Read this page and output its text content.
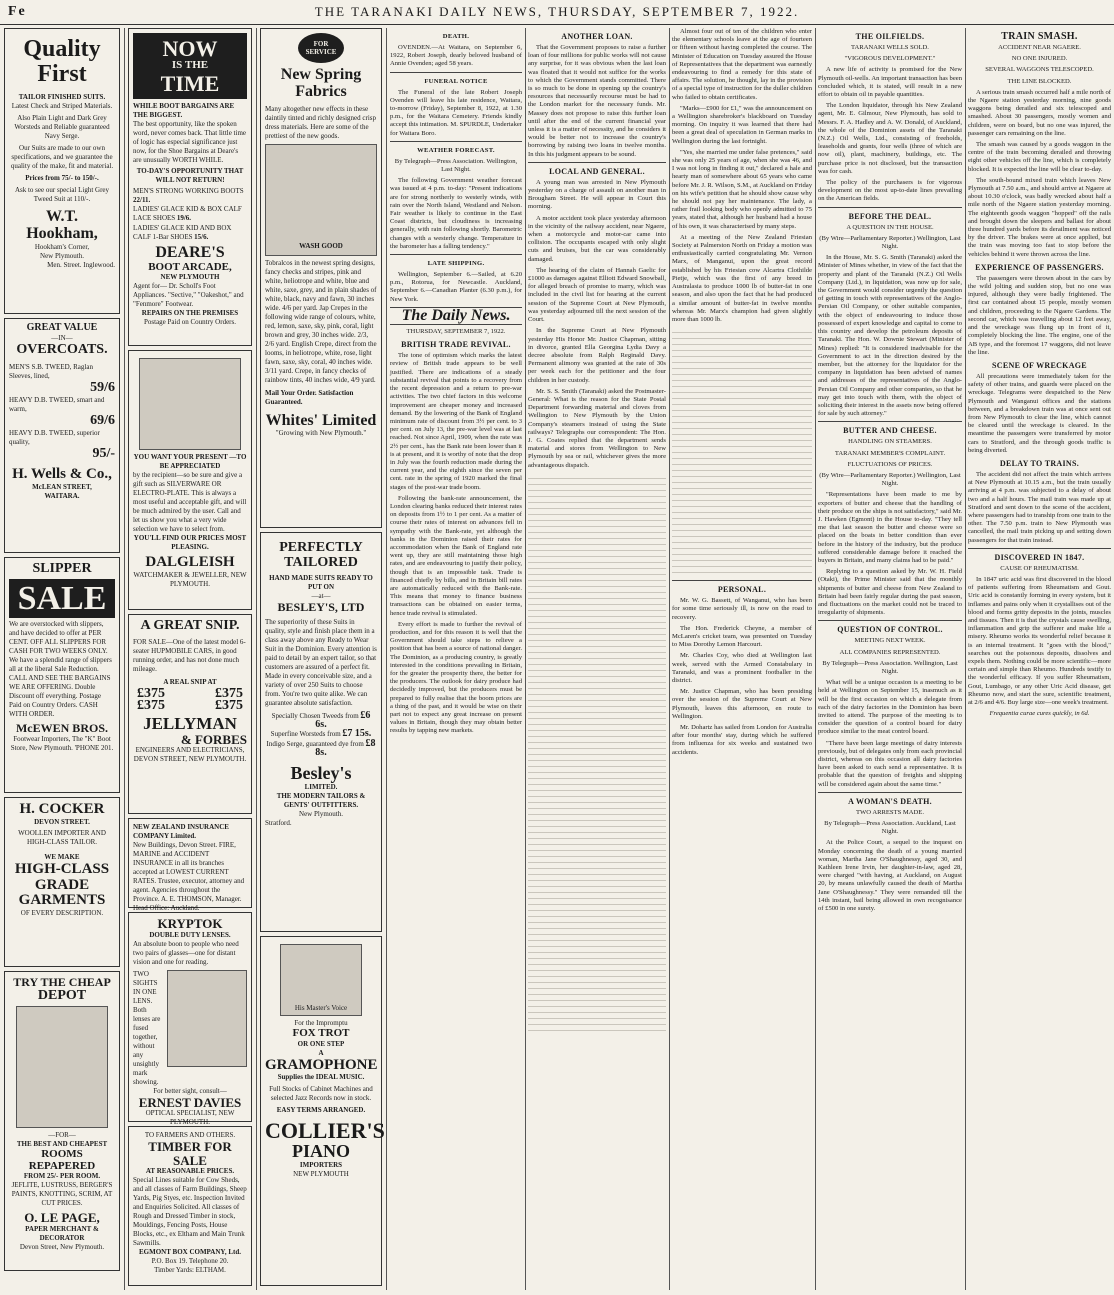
Fe	THE TARANAKI DAILY NEWS, THURSDAY, SEPTEMBER 7, 1922.
Quality
First
TAILOR FINISHED SUITS.
Latest Check and Striped Materials.
Also Plain Light and Dark Grey Worsteds and Reliable guaranteed Navy Serge.
Our Suits are made to our own specifications, and we guarantee the quality of the make, fit and material.
Prices from 75/- to 150/-.
Ask to see our special Light Grey Tweed Suit at 110/-.
W.T. Hookham,
Hookham's Corner,
New Plymouth.
Men. Street. Inglewood.
GREAT VALUE
—IN—
OVERCOATS.
MEN'S S.B. TWEED, Raglan Sleeves, lined,
59/6
HEAVY D.B. TWEED, smart and warm,
69/6
HEAVY D.B. TWEED, superior quality,
95/-
H. Wells & Co.,
McLEAN STREET,
WAITARA.
SLIPPER
SALE
We are overstocked with slippers, and have decided to offer at PER CENT. OFF ALL SLIPPERS FOR CASH FOR TWO WEEKS ONLY. We have a splendid range of slippers all at the liberal Sale Reduction. CALL AND SEE THE BARGAINS WE ARE OFFERING. Double Discount off everything. Postage Paid on Country Orders. CASH WITH ORDER.
McEWEN BROS.
Footwear Importers, The "K" Boot Store, New Plymouth. 'PHONE 201.
H. COCKER
DEVON STREET.
WOOLLEN IMPORTER AND HIGH-CLASS TAILOR.
WE MAKE
HIGH-CLASS
GRADE
GARMENTS
OF EVERY DESCRIPTION.
TRY THE CHEAP
DEPOT
—FOR—
THE BEST AND CHEAPEST
ROOMS REPAPERED
FROM 25/- PER ROOM.
JEFLITE, LUSTRUSS, BERGER'S PAINTS, KNOTTING, SCRIM, AT CUT PRICES.
O. LE PAGE,
PAPER MERCHANT & DECORATOR
Devon Street, New Plymouth.
NOW
IS THE
TIME
WHILE BOOT BARGAINS ARE THE BIGGEST.
The best opportunity, like the spoken word, never comes back. That little time of logic has especial significance just now, for the Shoe Bargains at Deare's are unusually WORTH WHILE.
TO-DAY'S OPPORTUNITY THAT WILL NOT RETURN!
MEN'S STRONG WORKING BOOTS 22/11.
LADIES' GLACE KID & BOX CALF LACE SHOES 19/6.
LADIES' GLACE KID AND BOX CALF 1-Bar SHOES 15/6.
DEARE'S
BOOT ARCADE,
NEW PLYMOUTH
Agent for— Dr. Scholl's Foot Appliances. "Sective," "Oakeshot," and "Fenmore" Footwear.
REPAIRS ON THE PREMISES
Postage Paid on Country Orders.
YOU WANT YOUR PRESENT —TO BE APPRECIATED
by the recipient—so be sure and give a gift such as SILVERWARE OR ELECTRO-PLATE. This is always a most useful and acceptable gift, and will be much admired by the user. Call and let us show you what a very wide selection we have to select from.
YOU'LL FIND OUR PRICES MOST PLEASING.
DALGLEISH
WATCHMAKER & JEWELLER, NEW PLYMOUTH.
A GREAT SNIP.
FOR SALE—One of the latest model 6-seater HUPMOBILE CARS, in good running order, and has not done much mileage.
A REAL SNIP AT
£375	£375
£375	£375
JELLYMAN
& FORBES
ENGINEERS AND ELECTRICIANS, DEVON STREET, NEW PLYMOUTH.
NEW ZEALAND INSURANCE COMPANY Limited.
New Buildings, Devon Street. FIRE, MARINE and ACCIDENT INSURANCE in all its branches accepted at LOWEST CURRENT RATES. Trustee, executor, attorney and agent. Agencies throughout the Province. A. E. THOMSON, Manager. Head Office: Auckland.
KRYPTOK
DOUBLE DUTY LENSES.
An absolute boon to people who need two pairs of glasses—one for distant vision and one for reading.
TWO SIGHTS IN ONE LENS. Both lenses are fused together, without any unsightly mark showing.
For better sight, consult—
ERNEST DAVIES
OPTICAL SPECIALIST, NEW PLYMOUTH.
TO FARMERS AND OTHERS.
TIMBER FOR SALE
AT REASONABLE PRICES.
Special Lines suitable for Cow Sheds, and all classes of Farm Buildings, Sheep Yards, Pig Styes, etc. Inspection Invited and Enquiries Solicited. All classes of Rough and Dressed Timber in stock, Mouldings, Fencing Posts, House Blocks, etc., ex Eltham and Main Trunk Sawmills.
EGMONT BOX COMPANY, Ltd.
P.O. Box 19. Telephone 20.
Timber Yards: ELTHAM.
FOR SERVICE
New Spring Fabrics
Many altogether new effects in these daintily tinted and richly designed crisp dress materials. Here are some of the prettiest of the new goods.
WASH GOOD
Tobralcos in the newest spring designs, fancy checks and stripes, pink and white, heliotrope and white, blue and white, saxe, grey, and in plain shades of white, black, navy and fawn, 30 inches wide. 4/6 per yard. Jap Crepes in the following wide range of colours, white, red, lemon, saxe, sky, pink, coral, light brown and grey, 30 inches wide. 2/3, 2/6 yard. English Crepe, direct from the looms, in heliotrope, white, rose, light fawn, saxe, sky, coral, 40 inches wide. 3/11 yard. Crepe, in fancy checks of rainbow tints, 40 inches wide, 4/9 yard.
Mail Your Order. Satisfaction Guaranteed.
Whites' Limited
"Growing with New Plymouth."
PERFECTLY
TAILORED
HAND MADE SUITS READY TO PUT ON
—at—
BESLEY'S, LTD
The superiority of these Suits in quality, style and finish place them in a class away above any Ready to Wear Suit in the Dominion. Every attention is paid to detail by an expert tailor, so that customers are assured of a perfect fit. Made in every conceivable size, and a variety of over 250 Suits to choose from. You're two quite alike. We can guarantee absolute satisfaction.
Specially Chosen Tweeds from £6 6s.
Superfine Worsteds from £7 15s.
Indigo Serge, guaranteed dye from £8 8s.
Besley's
LIMITED.
THE MODERN TAILORS & GENTS' OUTFITTERS.
New Plymouth.
Stratford.
His Master's Voice
For the Impromptu
FOX TROT
OR ONE STEP
A
GRAMOPHONE
Supplies the IDEAL MUSIC.
Full Stocks of Cabinet Machines and selected Jazz Records now in stock.
EASY TERMS ARRANGED.
COLLIER'S
PIANO
IMPORTERS
NEW PLYMOUTH
DEATH.

OVENDEN.—At Waitara, on September 6, 1922, Robert Joseph, dearly beloved husband of Annie Ovenden; aged 58 years.

FUNERAL NOTICE

The Funeral of the late Robert Joseph Ovenden will leave his late residence, Waitara, to-morrow (Friday), September 8, 1922, at 1.30 p.m., for the Waitara Cemetery. Friends kindly accept this intimation. M. SPURDLE, Undertaker for Waitara Boro.

WEATHER FORECAST.
By Telegraph—Press Association. Wellington, Last Night.

The following Government weather forecast was issued at 4 p.m. to-day: "Present indications are for strong northerly to westerly winds, with rain over the North Island, Westland and Nelson. Fair weather is likely to continue in the East Coast districts, but cloudiness is increasing generally, with rain following shortly. Barometric changes with a westerly change. Temperature in the barometer has a falling tendency."

LATE SHIPPING.

Wellington, September 6.—Sailed, at 6.20 p.m., Rotorua, for Newcastle. Auckland, September 6.—Canadian Planter (6.30 p.m.), for New York.

The Daily News.
THURSDAY, SEPTEMBER 7, 1922.
BRITISH TRADE REVIVAL.

The tone of optimism which marks the latest review of British trade appears to be well justified. There are indications of a steady substantial revival that points to a recovery from the recent depression and a return to pre-war activities. The two chief factors in this welcome improvement are cheaper money and increased demand. By the lowering of the Bank of England minimum rate of discount from 3½ per cent. to 3 per cent. on July 13, the pre-war level was at last reached. Not since April, 1909, when the rate was 2½ per cent., has the Bank rate been lower than it is at present, and it is worthy of note that the drop in July was the fourth reduction made during the current year, and the eighth since the seven per cent. rate in the spring of 1920 marked the final stages of the post-war trade boom.

Following the bank-rate announcement, the London clearing banks reduced their interest rates on deposits from 1½ to 1 per cent. As a matter of course their rates of interest on advances fell in sympathy with the Bank-rate, yet although the banks in the Dominion raised their rates for accommodation when the Bank of England rate went up, they are still maintaining those high rates, and are endeavouring to justify their policy, though that is an impossible task. Trade is financed chiefly by bills, and in Britain bill rates are automatically reduced with the Bank-rate. This means that money to finance business transactions can be obtained on easier terms, hence trade revival is stimulated.

Every effort is made to further the revival of production, and for this reason it is well that the Government should take steps to relieve a position that has been a source of national danger. The Dominion, as a producing country, is greatly interested in the conditions prevailing in Britain, for the greater the prosperity there, the better for the producers. The outlook for dairy produce had decidedly improved, but the producers must be prepared to fully realise that the boom prices are a thing of the past, and it would be wise on their part not to expect any great increase on present values in Britain, though they may obtain better results by tapping new markets.

ANOTHER LOAN.

That the Government proposes to raise a further loan of four millions for public works will not cause any surprise, for it was obvious when the last loan was floated that it would not suffice for the works to which the Government stands committed. There is so much to be done in opening up the country's resources that necessarily recourse must be had to the London market for the necessary funds. Mr. Massey does not propose to raise this further loan until after the end of the current financial year unless it is a matter of necessity, and he considers it would be better not to increase the country's borrowing by raising two loans in twelve months. In this his judgment appears to be sound.

LOCAL AND GENERAL.

A young man was arrested in New Plymouth yesterday on a charge of assault on another man in Brougham Street. He will appear in Court this morning.

A motor accident took place yesterday afternoon in the vicinity of the railway accident, near Ngaere, when a motorcycle and motor-car came into collision. The occupants escaped with only slight cuts and bruises, but the car was considerably damaged.

The hearing of the claim of Hannah Gaelic for £1000 as damages against Elliott Edward Snowball, for alleged breach of promise to marry, which was included in the civil list for hearing at the current session of the Supreme Court at New Plymouth, was yesterday adjourned till the next session of the Court.

In the Supreme Court at New Plymouth yesterday His Honor Mr. Justice Chapman, sitting in divorce, granted Ella Georgina Lydia Davy a decree absolute from Ralph Reginald Davy. Permanent alimony was granted at the rate of 30s per week each for the petitioner and the four children in her custody.

Mr. S. S. Smith (Taranaki) asked the Postmaster-General: What is the reason for the State Postal Department forwarding material and cloves from Wellington to New Plymouth by the Union Company's steamers instead of using the State railways? Telegraphs our correspondent: The Hon. J. G. Coates replied that the department sends material and stores from Wellington to New Plymouth by sea or rail, whichever gives the more advantageous dispatch.

Almost four out of ten of the children who enter the elementary schools leave at the age of fourteen or fifteen without having completed the course. The Minister of Education on Tuesday assured the House of Representatives that the department was earnestly endeavouring to find a remedy for this state of affairs. The solution, he thought, lay in the provision of a special type of instruction for the duller children who failed to obtain certificates.

"Marks—£900 for £1," was the announcement on a Wellington sharebroker's blackboard on Tuesday morning. On inquiry it was learned that there had been a great deal of speculation in German marks in Wellington during the last fortnight.

"Yes, she married me under false pretences," said she was only 25 years of age, when she was 46, and I was not long in finding it out," declared a hale and hearty man of somewhere about 65 years who came before Mr. J. R. Wilson, S.M., at Auckland on Friday on his wife's petition that he should show cause why he should not pay her maintenance. The lady, a rather frail looking body who openly admitted to 75 years, stated that, although her husband had a house of his own, it was characterised by many steps.

At a meeting of the New Zealand Friesian Society at Palmerston North on Friday a motion was enthusiastically carried congratulating Mr. Vernon Marx, of Manganui, upon the great record established by his Friesian cow Alcartra Clothilde Pietje, which was the first of any breed in Australasia to produce 1000 lb of butter-fat in one season, and also upon the fact that he had produced a similar amount of butter-fat in twelve months whereas Mr. Marx's champion had given slightly more than 1000 lb.

PERSONAL.

Mr. W. G. Bassett, of Wanganui, who has been for some time seriously ill, is now on the road to recovery.

The Hon. Frederick Cheyne, a member of McLaren's cricket team, was presented on Tuesday to Miss Dorothy Lemon Harcourt.

Mr. Charles Coy, who died at Wellington last week, served with the Armed Constabulary in Taranaki, and was a prominent footballer in the district.

Mr. Justice Chapman, who has been presiding over the session of the Supreme Court at New Plymouth, leaves this afternoon, en route to Wellington.

Mr. Dohartz has sailed from London for Australia after four months' stay, during which he suffered from influenza for six weeks and sustained two accidents.

THE OILFIELDS.
TARANAKI WELLS SOLD.
"VIGOROUS DEVELOPMENT."

A new life of activity is promised for the New Plymouth oil-wells. An important transaction has been concluded which, it is stated, will result in a new effort to obtain oil in payable quantities.

The London liquidator, through his New Zealand agent, Mr. E. Gilmour, New Plymouth, has sold to Messrs. F. A. Hadley and A. W. Donald, of Auckland, the whole of the Dominion assets of the Taranaki (N.Z.) Oil Wells, Ltd., consisting of freeholds, leaseholds and grants, four wells (three of which are now oil), plant, machinery, buildings, etc. The purchase price is not disclosed, but the transaction was for cash.

The policy of the purchasers is for vigorous development on the most up-to-date lines prevailing on the American fields.

BEFORE THE DEAL.
A QUESTION IN THE HOUSE.
(By Wire—Parliamentary Reporter.) Wellington, Last Night.

In the House, Mr. S. G. Smith (Taranaki) asked the Minister of Mines whether, in view of the fact that the property and plant of the Taranaki (N.Z.) Oil Wells Company (Ltd.), in liquidation, was now up for sale, the Government would consider urgently the question of getting in touch with representatives of the Anglo-Persian Oil Company, or other suitable companies, with the object of endeavouring to induce those possessed of expert knowledge and capital to come to this country and develop the petroleum deposits of Taranaki. The Hon. W. Downie Stewart (Minister of Mines) replied: "It is considered inadvisable for the Government to act in the direction desired by the member, but the attorney for the liquidator for the company in liquidation has been advised of names and addresses of the representatives of the Anglo-Persian Oil Company and other companies, so that he may get into touch with them, with the object of soliciting their interest in the assets now being offered for sale by such attorney."

BUTTER AND CHEESE.
HANDLING ON STEAMERS.
TARANAKI MEMBER'S COMPLAINT.
FLUCTUATIONS OF PRICES.
(By Wire—Parliamentary Reporter.) Wellington, Last Night.

"Representations have been made to me by exporters of butter and cheese that the handling of their produce on the ships is not satisfactory," said Mr. J. Hawken (Egmont) in the House to-day. "They tell me that last season the butter and cheese were so placed on the boats in better condition than ever before in the history of the industry, but the produce suffered considerable damage before it reached the buyers in Britain, and many claims had to be paid."

Replying to a question asked by Mr. W. H. Field (Otaki), the Prime Minister said that the monthly shipments of butter and cheese from New Zealand to Britain had been fairly regular during the past season, and fluctuations on the market could not be traced to irregularity of shipments.

QUESTION OF CONTROL.
MEETING NEXT WEEK.
ALL COMPANIES REPRESENTED.
By Telegraph—Press Association. Wellington, Last Night.

What will be a unique occasion is a meeting to be held at Wellington on September 15, inasmuch as it will be the first occasion on which a delegate from each of the dairy factories in the Dominion has been invited to attend. The purpose of the meeting is to consider the question of a control board for dairy produce similar to the meat control board.

"There have been large meetings of dairy interests previously, but of delegates only from each provincial district, whereas on this occasion all dairy factories have been asked to each send a representative. It is probable that the question of freights and shipping will be considered again about the same time."

A WOMAN'S DEATH.
TWO ARRESTS MADE.
By Telegraph—Press Association. Auckland, Last Night.

At the Police Court, a sequel to the inquest on Monday concerning the death of a young married woman, Martha Jane O'Shaughnessy, aged 30, and Kathleen Irene Irvin, her daughter-in-law, aged 28, were charged "with having, at Auckland, on August 20, by means unlawfully caused the death of Martha Jane O'Shaughnessy." They were remanded till the 14th instant, bail being allowed in own recognisance of £500 in one surety.

TRAIN SMASH.
ACCIDENT NEAR NGAERE.
NO ONE INJURED.
SEVERAL WAGGONS TELESCOPED.
THE LINE BLOCKED.

A serious train smash occurred half a mile north of the Ngaere station yesterday morning, nine goods waggons being derailed and six telescoped and smashed. About 30 passengers, mostly women and children, were on board, but no one was injured, the passenger cars remaining on the line.

The smash was caused by a goods waggon in the centre of the train becoming derailed and throwing eight other vehicles off the line, which is completely blocked. It is expected the line will be clear to-day.

The south-bound mixed train which leaves New Plymouth at 7.50 a.m., and should arrive at Ngaere at about 10.30 o'clock, was badly wrecked about half a mile north of the Ngaere station yesterday morning. The eighteenth goods waggon "hopped" off the rails and brought down the sleepers and ballast for about three hundred yards before its derailment was noticed by the driver. The brakes were at once applied, but the train was moving too fast to stop before the vehicles behind it were thrown across the line.

EXPERIENCE OF PASSENGERS.

The passengers were thrown about in the cars by the wild jolting and sudden stop, but no one was injured, although they were badly frightened. The first car contained about 15 people, mostly women and children, proceeding to the Ngaere Gardens. The second car, which was travelling about 12 feet away, and the wreckage was flung up in front of it, completely blocking the line. The engine, one of the AB type, and the foremost 17 waggons, did not leave the line.

SCENE OF WRECKAGE

All precautions were immediately taken for the safety of other trains, and guards were placed on the wreckage. Telegrams were despatched to the New Plymouth and Wanganui offices and the stations between, and a breakdown train was at once sent out from New Plymouth to clear the line, which cannot be cleared until the wreckage is cleared. In the meantime the passengers were transferred by motor cars to Stratford, and the through goods traffic is being diverted.

DELAY TO TRAINS.

The accident did not affect the train which arrives at New Plymouth at 10.15 a.m., but the train usually arriving at 4 p.m. was subjected to a delay of about two and a half hours. The mail train was made up at Stratford and sent down to the scene of the accident, where passengers had to tranship from one train to the other. The 7.50 p.m. train to New Plymouth was cancelled, the mail train picking up and setting down passengers for that train instead.

DISCOVERED IN 1847.
CAUSE OF RHEUMATISM.

In 1847 uric acid was first discovered in the blood of patients suffering from Rheumatism and Gout. Uric acid is constantly forming in every system, but it inflames and pains only when it crystallises out of the blood and forms gritty deposits in the joints, muscles and tissues. Then it is that the crystals cause swelling, inflammation and grip the sufferer and make life a misery. Rheumo works its wonderful relief because it is an internal treatment. It "goes with the blood," searches out the poisonous deposits, dissolves and expels them. Nothing could be more scientific—more certain and simple than Rheumo. Hundreds testify to the wonderful efficacy. If you suffer Rheumatism, Gout, Lumbago, or any other Uric Acid disease, get Rheumo now, and start the sure, scientific treatment, at 2/6 and 4/6. Buy large size—one week's treatment.

Frequentia curae cures quickly, in 6d.
